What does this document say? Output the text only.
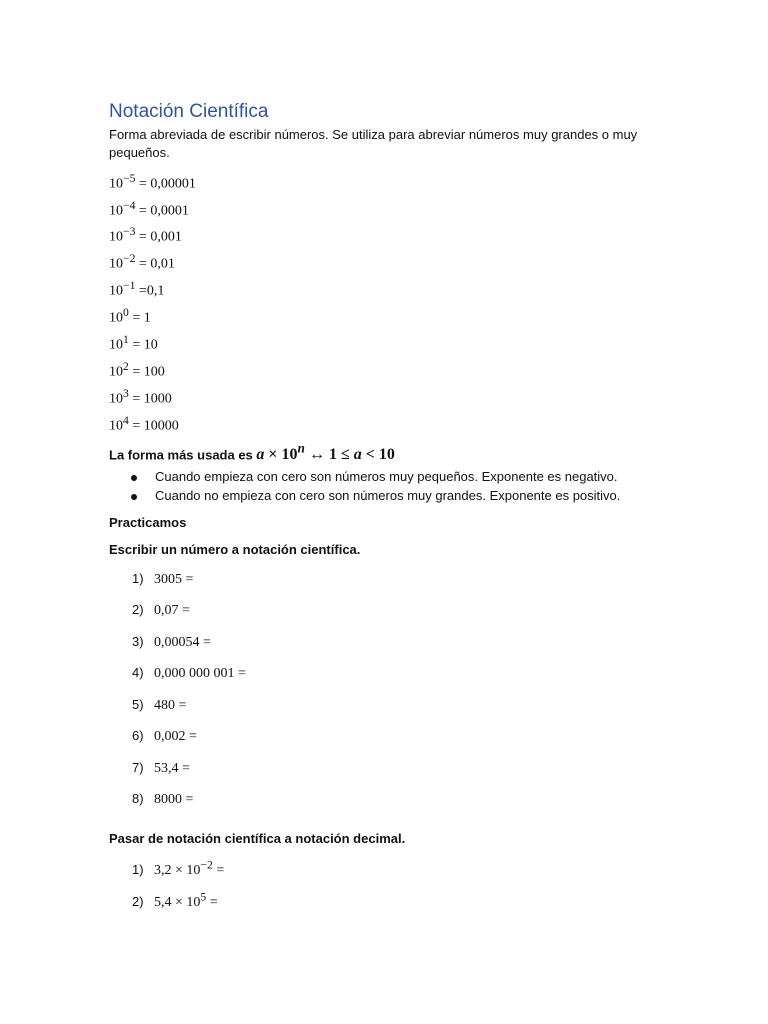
Notación Científica
Forma abreviada de escribir números. Se utiliza para abreviar números muy grandes o muy pequeños.
$10^{-5} = 0,00001$
$10^{-4} = 0,0001$
$10^{-3} = 0,001$
$10^{-2} = 0,01$
$10^{-1} =0,1$
$10^0 = 1$
$10^1 = 10$
$10^2 = 100$
$10^3 = 1000$
$10^4 = 10000$
La forma más usada es $a \times 10^n$ ↔ 1 ≤ a < 10
Cuando empieza con cero son números muy pequeños. Exponente es negativo.
Cuando no empieza con cero son números muy grandes. Exponente es positivo.
Practicamos
Escribir un número a notación científica.
1) 3005 =
2) 0,07 =
3) 0,00054 =
4) 0,000 000 001 =
5) 480 =
6) 0,002 =
7) 53,4 =
8) 8000 =
Pasar de notación científica a notación decimal.
1) $3,2 \times 10^{-2}$ =
2) $5,4 \times 10^5$ =
